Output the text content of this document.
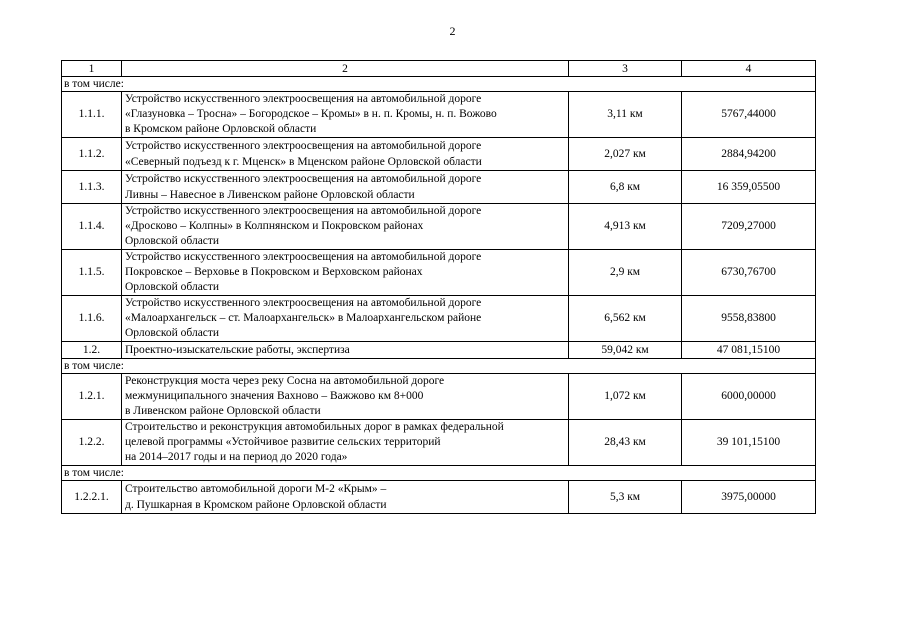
2
1	2	3	4
в том числе:			
1.1.1.	Устройство искусственного электроосвещения на автомобильной дороге
«Глазуновка – Тросна» – Богородское – Кромы» в н. п. Кромы, н. п. Вожово
в Кромском районе Орловской области	3,11 км	5767,44000
1.1.2.	Устройство искусственного электроосвещения на автомобильной дороге
«Северный подъезд к г. Мценск» в Мценском районе Орловской области	2,027 км	2884,94200
1.1.3.	Устройство искусственного электроосвещения на автомобильной дороге
Ливны – Навесное в Ливенском районе Орловской области	6,8 км	16 359,05500
1.1.4.	Устройство искусственного электроосвещения на автомобильной дороге
«Дросково – Колпны» в Колпнянском и Покровском районах
Орловской области	4,913 км	7209,27000
1.1.5.	Устройство искусственного электроосвещения на автомобильной дороге
Покровское – Верховье в Покровском и Верховском районах
Орловской области	2,9 км	6730,76700
1.1.6.	Устройство искусственного электроосвещения на автомобильной дороге
«Малоархангельск – ст. Малоархангельск» в Малоархангельском районе
Орловской области	6,562 км	9558,83800
1.2.	Проектно-изыскательские работы, экспертиза	59,042 км	47 081,15100
в том числе:			
1.2.1.	Реконструкция моста через реку Сосна на автомобильной дороге
межмуниципального значения Вахново – Важжово км 8+000
в Ливенском районе Орловской области	1,072 км	6000,00000
1.2.2.	Строительство и реконструкция автомобильных дорог в рамках федеральной
целевой программы «Устойчивое развитие сельских территорий
на 2014–2017 годы и на период до 2020 года»	28,43 км	39 101,15100
в том числе:			
1.2.2.1.	Строительство автомобильной дороги М-2 «Крым» –
д. Пушкарная в Кромском районе Орловской области	5,3 км	3975,00000
